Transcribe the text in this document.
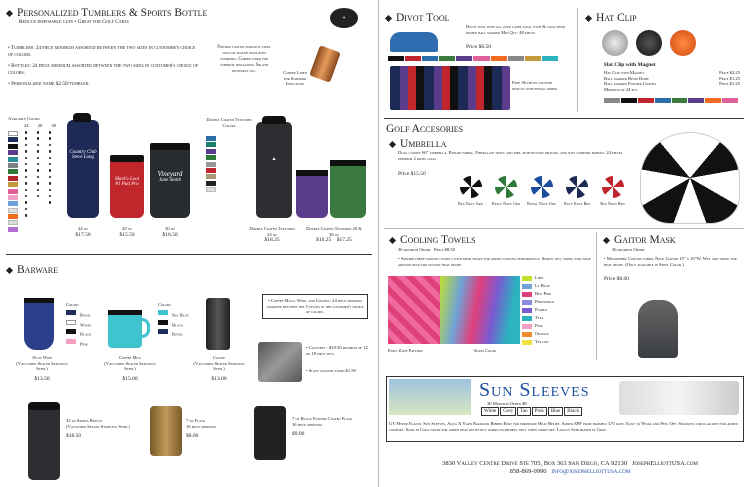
Personalized Tumblers & Sports Bottle
Reduce disposable cups • Great for Golf Carts
✦

• Tumblers: 24 piece minimum assorted between the two sizes in customer's choice of colors.

• Bottles: 24 piece minimum assorted between the two sizes in customer's choice of colors.

• Personalized name $2.50/tumbler.

Powder coated stainless steel vacuum sealed insulated tumblers. Copper lined for superior insulation. Splash resistant lid.	Copper Lined for Superior Insulation
Available Colors
24 20 30
Country Club
Steve Long
Mark's Loot
#1 Putt Pro
Vineyard
Jane Smith
Double Coated Textured Colors
▲
24 oz
$17.50
20 oz
$15.50
30 oz
$16.50
Double Coated Textured 24 oz
$18.25
Double Coated Textured 20 & 30 oz
$16.25 $17.25
Barware
Colors
Royal
White
Black
Pink
16 oz Wine
(Vacuumed Sealed Stainless Steel)
$13.50
Colors
Sea Blue
Black
Royal
Coffee Mug
(Vacuumed Sealed Stainless Steel)
$15.00
Coozie
(Vacuumed Sealed Stainless Steel)
$13.00
• Coffee Mugs, Wine, and Coozies: 24 piece minimum assorted between the 3 styles in the customer's choice of colors.
• Coasters - $10.50 minimum of 12 or 18 piece sets.
• Slate coaster stand $1.50
32 oz Sports Bottle
(Vacuumed Sealed Stainless Steel)
$18.50
7 oz Flask
16 piece minimum.
$8.00
7 oz Black Powder Coated Flask
16 piece minimum.
$9.00
Divot Tool
Divot tool with all over laser logo, etch & logo resin domed ball marker Min Qty: 48 pieces.
Price $8.50
Free 36 pieces counter display with initial order
Hat Clip
Hat Clip with Magnet
Hat Clip with Magnet	Price $2.25
Ball marker Resin Dome	Price $1.25
Ball marker Powder Coated	Price $1.25
Minimum of 24 pcs.
Golf Accesories
Umbrella
Dual canopy 60" umbrella, Pongee fabric, Fiberglass shaft and ribs, push button release, and soft comfort handle. 24 pieces minimum 2 panel logo
Price $15.50
Blk Navy Grn	Kelly Navy Grn	Royal Navy Grn	Navy Navy Red	Blk Navy Red
Cooling Towels
36 minimum Order Price $8.50
• Absorb three-cooling towels with mesh weave for added cooling performance. Simply wet, wring and wrap around neck for instant heat relief.
Lime
Lt Blue
Hot Pink
Periwinkle
Purple
Teal
Pink
Orange
Yellow
Endy Zone Pattern	Solid Color
Gaitor Mask
36 minimum Order
• Microfiber Cooling fabric Neck Gaitor 15" x 10"W. Wet and wring for heat relief. (Only available in Steel Color.)
Price $8.00
Sun Sleeves
30 Minimum Order $8
White	Grey	Tan	Pink	Blue	Black
UV Hyper Elastic Sun Sleeves, Aqua X Yarn Radiator Ribbed Knit for immediate Heat Relief. Added SPF from harmful UV rays. Easy to Wear and Peel Off. Seamless circular knit for added comfort. Soak in Cold water for added heat relief but works incredibly well when worn dry. Logo is Sublimated in Gray.
3830 Valley Centre Drive Ste 705, Box 363 San Diego, CA 92130 JosephElliottUSA.com
858-869-0990 info@josephelliottusa.com
